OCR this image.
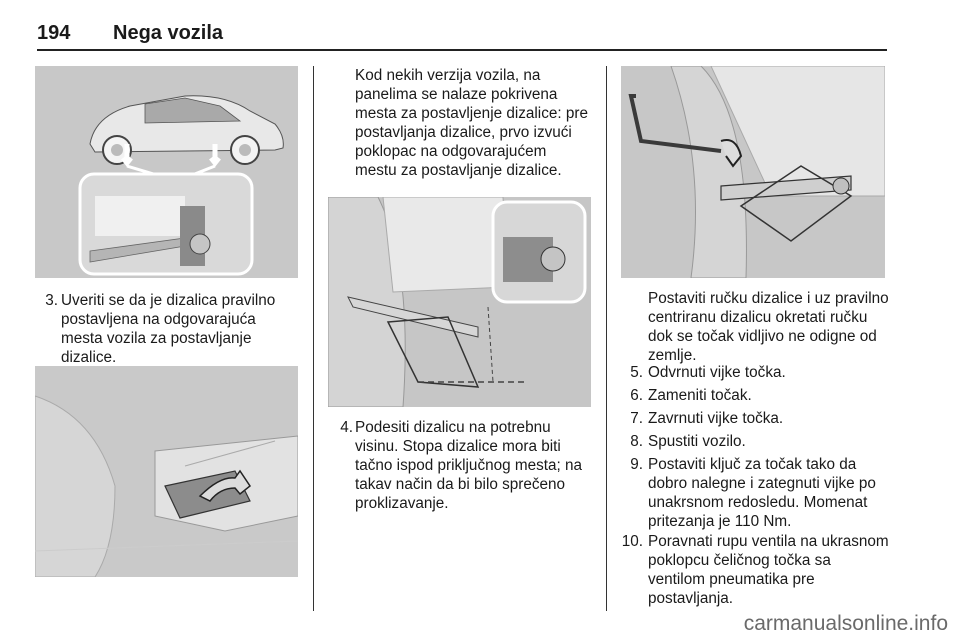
194 Nega vozila
3. Uveriti se da je dizalica pravilno postavljena na odgovarajuća mesta vozila za postavljanje dizalice.
Kod nekih verzija vozila, na panelima se nalaze pokrivena mesta za postavljenje dizalice: pre postavljanja dizalice, prvo izvući poklopac na odgovarajućem mestu za postavljanje dizalice.
4. Podesiti dizalicu na potrebnu visinu. Stopa dizalice mora biti tačno ispod priključnog mesta; na takav način da bi bilo sprečeno proklizavanje.
Postaviti ručku dizalice i uz pravilno centriranu dizalicu okretati ručku dok se točak vidljivo ne odigne od zemlje.
5. Odvrnuti vijke točka.
6. Zameniti točak.
7. Zavrnuti vijke točka.
8. Spustiti vozilo.
9. Postaviti ključ za točak tako da dobro nalegne i zategnuti vijke po unakrsnom redosledu. Momenat pritezanja je 110 Nm.
10. Poravnati rupu ventila na ukrasnom poklopcu čeličnog točka sa ventilom pneumatika pre postavljanja.
carmanualsonline.info
